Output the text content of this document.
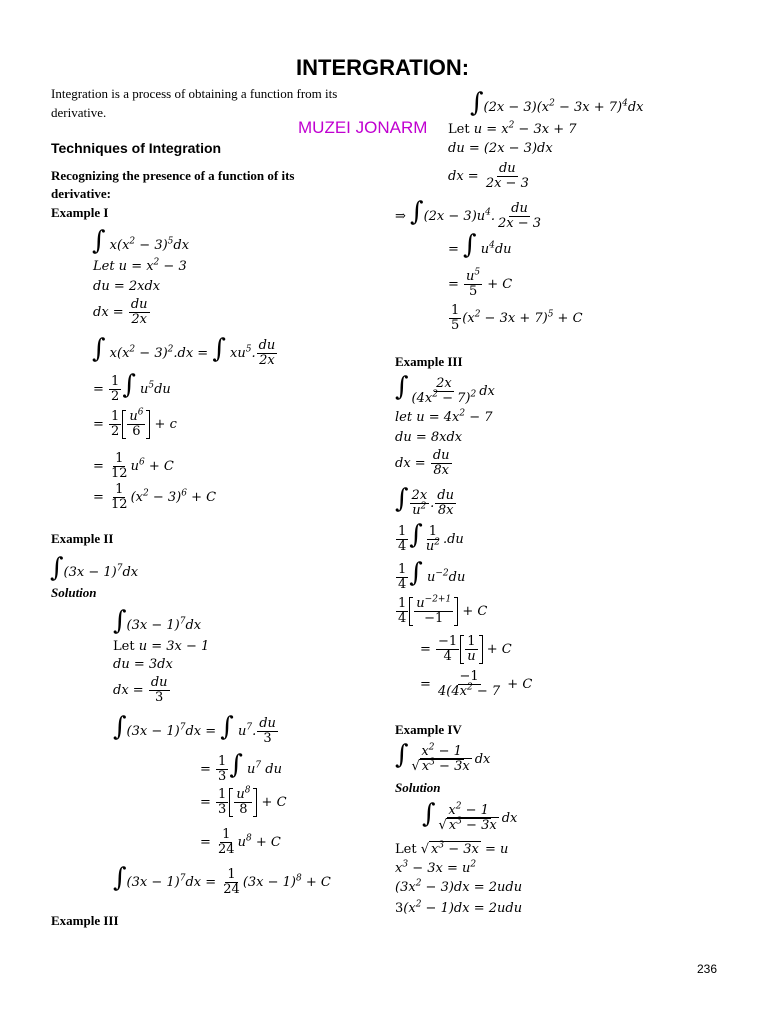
INTERGRATION:
Integration is a process of obtaining a function from its
derivative.
MUZEI JONARM
Techniques of Integration
Recognizing the presence of a function of its
derivative:
Example I
∫ $x(x^2 - 3)^5dx$
Let $u = x^2 - 3$
du = 2xdx
dx = $\frac{du}{2x}$
∫ $x(x^2 - 3)^2.dx$ = ∫ $xu^5$. $\frac{du}{2x}$
= $\frac{1}{2}$ ∫ $u^5du$
= $\frac{1}{2} \frac{u^6}{6} + c$
= $\frac{1}{12} u^6 + C$
= $\frac{1}{12} (x^2 - 3)^6 + C$
Example II
$\int(3x - 1)^7dx$
Solution
$\int(3x - 1)^7dx$
Let u = 3x − 1
du = 3dx
dx = $\frac{du}{3}$
$\int(3x - 1)^7dx$ = ∫ $u^7$. $\frac{du}{3}$
= $\frac{1}{3}$ ∫ $u^7$ du
= $\frac{1}{3} \frac{u^8}{8} + C$
= $\frac{1}{24} u^8 + C$
$\int(3x - 1)^7dx = \frac{1}{24} (3x - 1)^8 + C$
Example III
$\int(2x - 3)(x^2 - 3x + 7)^4dx$
Let $u = x^2 - 3x + 7$
du = (2x − 3)dx
dx = $\frac{du}{2x - 3}$
⇒ $\int(2x - 3)u^4$. $\frac{du}{2x - 3}$
= ∫ $u^4du$
= $\frac{u^5}{5} + C$
$\frac{1}{5} (x^2 - 3x + 7)^5 + C$
Example III
∫ $\frac{2x}{(4x^2 - 7)^2}$ dx
let $u = 4x^2 - 7$
du = 8xdx
dx = $\frac{du}{8x}$
∫ $\frac{2x}{u^2}$ . $\frac{du}{8x}$
$\frac{1}{4}$ ∫ $\frac{1}{u^2} .du$
$\frac{1}{4}$ ∫ $u^{-2}du$
$\frac{1}{4} \frac{u^{-2+1}}{-1} + C$
= $\frac{-1}{4} \frac{1}{u} + C$
= $\frac{-1}{4(4x^2 - 7} + C$
Example IV
∫ $\frac{x^2 - 1}{√ x^3 - 3x}$ dx
Solution
∫ $\frac{x^2 - 1}{√ x^3 - 3x}$ dx
Let √ $x^3 - 3x = u$
$x^3 - 3x = u^2$
$(3x^2 - 3)dx = 2udu$
$3(x^2 - 1)dx = 2udu$
236
